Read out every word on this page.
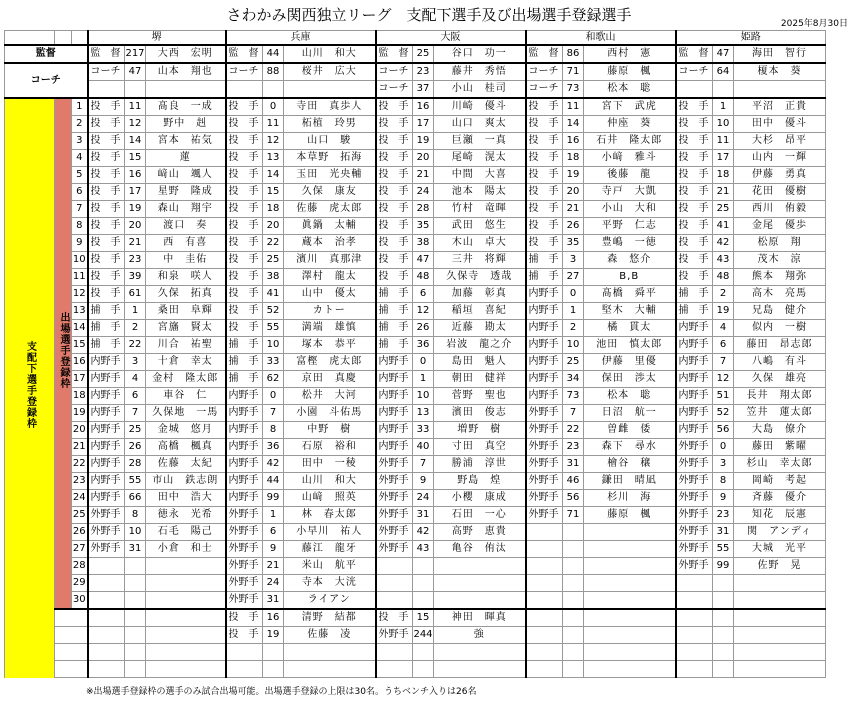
さわかみ関西独立リーグ　支配下選手及び出場選手登録選手	2025年8月30日
			堺			兵庫			大阪			和歌山			姫路		
監督			監　督	217	大西　宏明	監　督	44	山川　和大	監　督	25	谷口　功一	監　督	86	西村　憲	監　督	47	海田　智行
コーチ			コーチ	47	山本　翔也	コーチ	88	桜井　広大	コーチ	23	藤井　秀悟	コーチ	71	藤原　楓	コーチ	64	榎本　葵
									コーチ	37	小山　桂司	コーチ	73	松本　聡			
支配下選手登録枠	出場選手登録枠	1	投　手	11	髙良　一成	投　手	0	寺田　真歩人	投　手	16	川崎　優斗	投　手	11	宮下　武虎	投　手	1	平沼　正貴
		2	投　手	12	野中　赳	投　手	11	柘植　玲男	投　手	17	山口　爽太	投　手	14	仲座　葵	投　手	10	田中　優斗
		3	投　手	14	宮本　祐気	投　手	12	山口　駿	投　手	19	巨瀬　一真	投　手	16	石井　隆太郎	投　手	11	大杉　昂平
		4	投　手	15	蓮	投　手	13	本草野　拓海	投　手	20	尾崎　滉太	投　手	18	小﨑　雅斗	投　手	17	山内　一輝
		5	投　手	16	﨑山　颯人	投　手	14	玉田　光央輔	投　手	21	中間　大喜	投　手	19	後藤　龍	投　手	18	伊藤　勇真
		6	投　手	17	星野　隆成	投　手	15	久保　康友	投　手	24	池本　陽太	投　手	20	寺戸　大凱	投　手	21	花田　優樹
		7	投　手	19	森山　翔宇	投　手	18	佐藤　虎太郎	投　手	28	竹村　竜暉	投　手	21	小山　大和	投　手	25	西川　侑毅
		8	投　手	20	渡口　奏	投　手	20	眞鍋　太輔	投　手	35	武田　悠生	投　手	26	平野　仁志	投　手	41	金尾　優歩
		9	投　手	21	西　有喜	投　手	22	蔵本　治孝	投　手	38	木山　卓大	投　手	35	豊嶋　一徳	投　手	42	松原　翔
		10	投　手	23	中　圭佑	投　手	25	濱川　真那津	投　手	47	三井　将輝	捕　手	3	森　悠介	投　手	43	茂木　涼
		11	投　手	39	和泉　咲人	投　手	38	澤村　龍太	投　手	48	久保寺　透哉	捕　手	27	B,B	投　手	48	熊本　翔弥
		12	投　手	61	久保　拓真	投　手	41	山中　優太	捕　手	6	加藤　彰真	内野手	0	髙橋　舜平	捕　手	2	高木　亮馬
		13	捕　手	1	桑田　阜輝	投　手	52	カトー	捕　手	12	稲垣　喜紀	内野手	1	堅木　大輔	捕　手	19	兄島　健介
		14	捕　手	2	宮旛　賢太	投　手	55	満端　雄慎	捕　手	26	近藤　勘太	内野手	2	橘　貫太	内野手	4	似内　一樹
		15	捕　手	22	川合　祐聖	捕　手	10	塚本　恭平	捕　手	36	岩波　龍之介	内野手	10	池田　慎太郎	内野手	6	藤田　昂志郎
		16	内野手	3	十倉　幸太	捕　手	33	富樫　虎太郎	内野手	0	島田　魁人	内野手	25	伊藤　里優	内野手	7	八嶋　有斗
		17	内野手	4	金村　隆太郎	捕　手	62	京田　真慶	内野手	1	朝田　健祥	内野手	34	保田　渉太	内野手	12	久保　雄亮
		18	内野手	6	車谷　仁	内野手	0	松井　大河	内野手	10	菅野　聖也	内野手	73	松本　聡	内野手	51	長井　翔太郎
		19	内野手	7	久保地　一馬	内野手	7	小園　斗佑馬	内野手	13	濱田　俊志	外野手	7	日沼　航一	内野手	52	笠井　蓮太郎
		20	内野手	25	金城　悠月	内野手	8	中野　樹	内野手	33	増野　樹	外野手	22	曽雌　倭	内野手	56	大島　僚介
		21	内野手	26	高橋　楓真	内野手	36	石原　裕和	内野手	40	寸田　真空	外野手	23	森下　尋水	外野手	0	藤田　紫曜
		22	内野手	28	佐藤　太紀	内野手	42	田中　一稜	外野手	7	勝浦　淳世	外野手	31	檜谷　穣	外野手	3	杉山　幸太郎
		23	内野手	55	市山　鉄志朗	内野手	44	山川　和大	外野手	9	野島　煌	外野手	46	鎌田　晴凪	外野手	8	岡崎　考起
		24	内野手	66	田中　浩大	内野手	99	山﨑　照英	外野手	24	小櫻　康成	外野手	56	杉川　海	外野手	9	斉藤　優介
		25	外野手	8	徳永　光希	外野手	1	林　春太郎	外野手	31	石田　一心	外野手	71	藤原　楓	外野手	23	知花　辰憲
		26	外野手	10	石毛　陽己	外野手	6	小早川　祐人	外野手	42	高野　恵貴				外野手	31	関　アンディ
		27	外野手	31	小倉　和士	外野手	9	藤江　龍牙	外野手	43	亀谷　侑汰				外野手	55	大城　光平
		28				外野手	21	米山　航平							外野手	99	佐野　晃
		29				外野手	24	寺本　大洸									
		30				外野手	31	ライアン									
						投　手	16	清野　結都	投　手	15	神田　暉真						
						投　手	19	佐藤　凌	外野手	244	強						

※出場選手登録枠の選手のみ試合出場可能。出場選手登録の上限は30名。うちベンチ入りは26名
